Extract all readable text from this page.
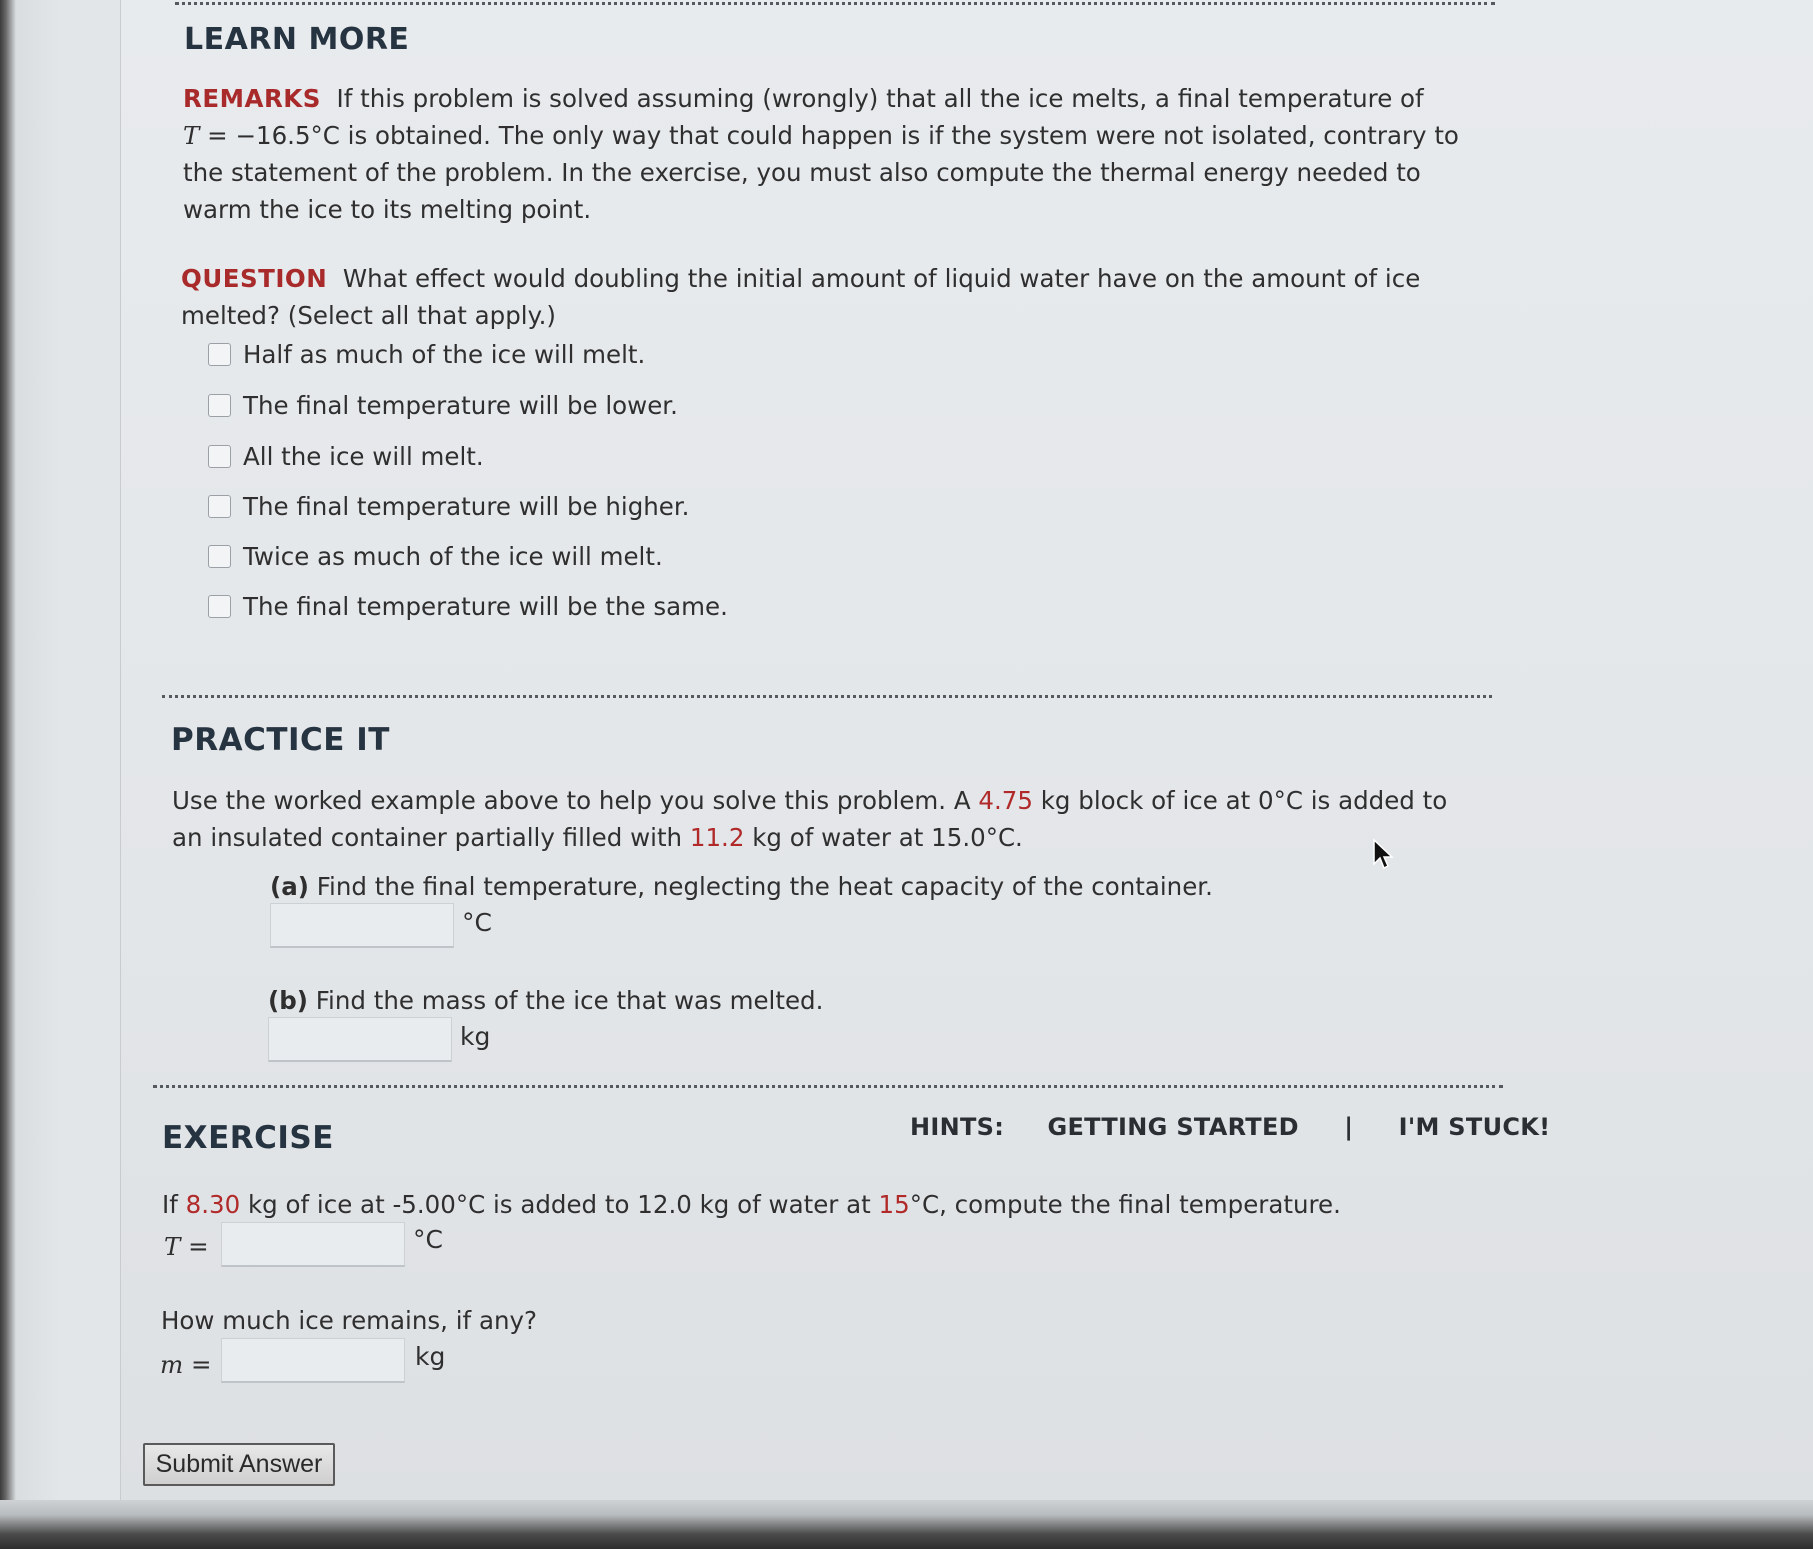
LEARN MORE
REMARKS If this problem is solved assuming (wrongly) that all the ice melts, a final temperature of
T = −16.5°C is obtained. The only way that could happen is if the system were not isolated, contrary to
the statement of the problem. In the exercise, you must also compute the thermal energy needed to
warm the ice to its melting point.
QUESTION What effect would doubling the initial amount of liquid water have on the amount of ice
melted? (Select all that apply.)
Half as much of the ice will melt.
The final temperature will be lower.
All the ice will melt.
The final temperature will be higher.
Twice as much of the ice will melt.
The final temperature will be the same.
PRACTICE IT
Use the worked example above to help you solve this problem. A 4.75 kg block of ice at 0°C is added to
an insulated container partially filled with 11.2 kg of water at 15.0°C.
(a) Find the final temperature, neglecting the heat capacity of the container.
°C
(b) Find the mass of the ice that was melted.
kg
EXERCISE	HINTS: GETTING STARTED | I'M STUCK!
If 8.30 kg of ice at -5.00°C is added to 12.0 kg of water at 15°C, compute the final temperature.
T =	°C
How much ice remains, if any?
m =	kg
Submit Answer
